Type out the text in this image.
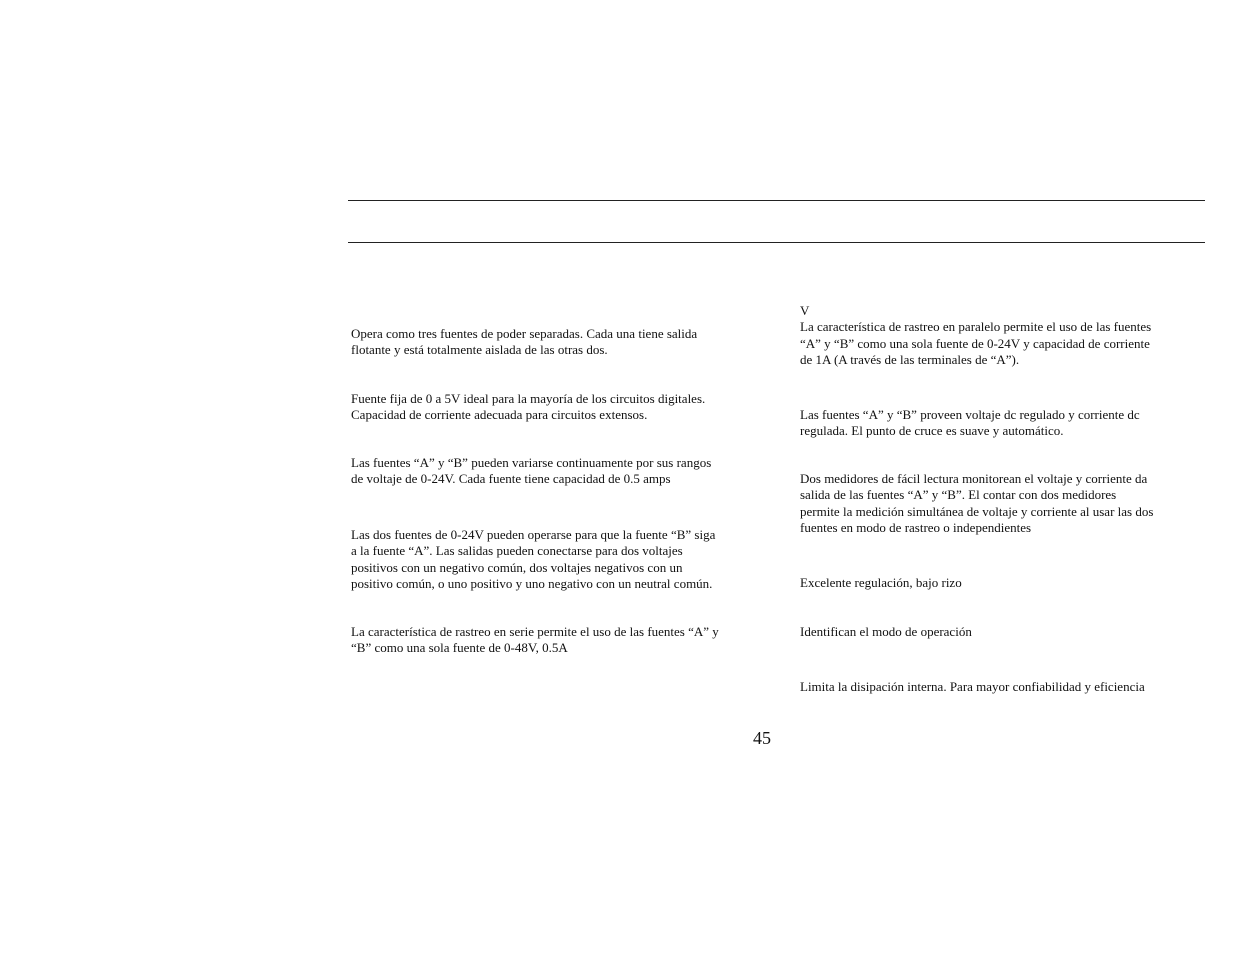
Opera como tres fuentes de poder separadas. Cada una tiene salida
flotante y está totalmente aislada de las otras dos.

Fuente fija de 0 a 5V ideal para la mayoría de los circuitos digitales.
Capacidad de corriente adecuada para circuitos extensos.

Las fuentes “A” y “B” pueden variarse continuamente por sus rangos
de voltaje de 0-24V. Cada fuente tiene capacidad de 0.5 amps

Las dos fuentes de 0-24V pueden operarse para que la fuente “B” siga
a la fuente “A”. Las salidas pueden conectarse para dos voltajes
positivos con un negativo común, dos voltajes negativos con un
positivo común, o uno positivo y uno negativo con un neutral común.

La característica de rastreo en serie permite el uso de las fuentes “A” y
“B” como una sola fuente de 0-48V, 0.5A

V
La característica de rastreo en paralelo permite el uso de las fuentes
“A” y “B” como una sola fuente de 0-24V y capacidad de corriente
de 1A (A través de las terminales de “A”).

Las fuentes “A” y “B” proveen voltaje dc regulado y corriente dc
regulada. El punto de cruce es suave y automático.

Dos medidores de fácil lectura monitorean el voltaje y corriente da
salida de las fuentes “A” y “B”. El contar con dos medidores
permite la medición simultánea de voltaje y corriente al usar las dos
fuentes en modo de rastreo o independientes

Excelente regulación, bajo rizo

Identifican el modo de operación

Limita la disipación interna. Para mayor confiabilidad y eficiencia

45
